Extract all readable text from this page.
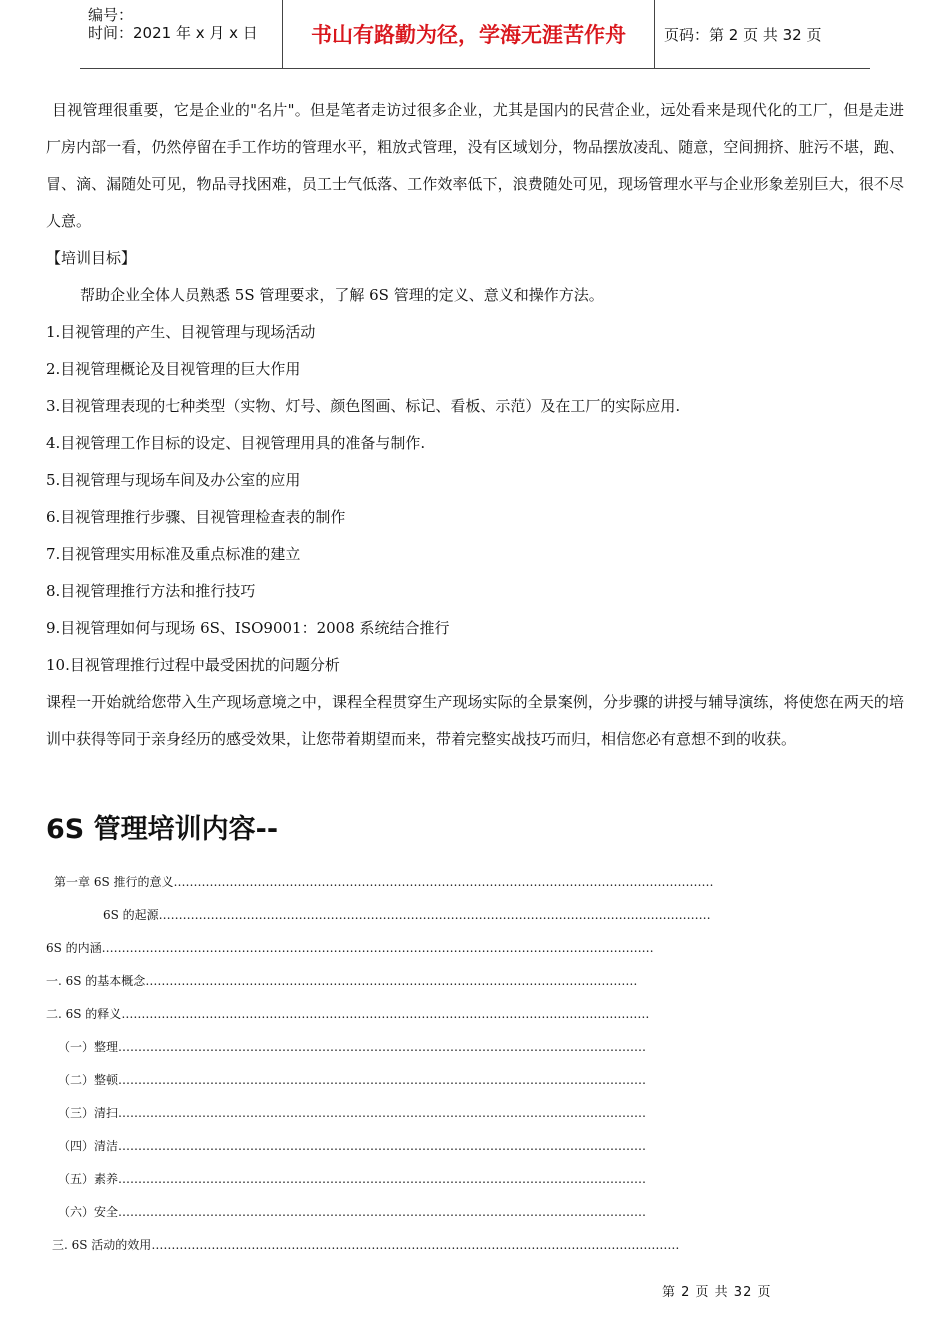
编号：
时间：2021 年 x 月 x 日	书山有路勤为径，学海无涯苦作舟	页码：第 2 页 共 32 页

目视管理很重要，它是企业的"名片"。但是笔者走访过很多企业，尤其是国内的民营企业，远处看来是现代化的工厂，但是走进厂房内部一看，仍然停留在手工作坊的管理水平，粗放式管理，没有区域划分，物品摆放凌乱、随意，空间拥挤、脏污不堪，跑、冒、滴、漏随处可见，物品寻找困难，员工士气低落、工作效率低下，浪费随处可见，现场管理水平与企业形象差别巨大，很不尽人意。

【培训目标】

帮助企业全体人员熟悉 5S 管理要求，了解 6S 管理的定义、意义和操作方法。

1.目视管理的产生、目视管理与现场活动

2.目视管理概论及目视管理的巨大作用

3.目视管理表现的七种类型（实物、灯号、颜色图画、标记、看板、示范）及在工厂的实际应用.

4.目视管理工作目标的设定、目视管理用具的准备与制作.

5.目视管理与现场车间及办公室的应用

6.目视管理推行步骤、目视管理检查表的制作

7.目视管理实用标准及重点标准的建立

8.目视管理推行方法和推行技巧

9.目视管理如何与现场 6S、ISO9001：2008 系统结合推行

10.目视管理推行过程中最受困扰的问题分析

课程一开始就给您带入生产现场意境之中，课程全程贯穿生产现场实际的全景案例，分步骤的讲授与辅导演练，将使您在两天的培训中获得等同于亲身经历的感受效果，让您带着期望而来，带着完整实战技巧而归，相信您必有意想不到的收获。

6S 管理培训内容--
第一章 6S 推行的意义………………………………………………………………………………………………………………………
6S 的起源…………………………………………………………………………………………………………………………
6S 的内涵…………………………………………………………………………………………………………………………
一. 6S 的基本概念……………………………………………………………………………………………………………
二. 6S 的释义……………………………………………………………………………………………………………………
（一）整理……………………………………………………………………………………………………………………
（二）整顿……………………………………………………………………………………………………………………
（三）清扫……………………………………………………………………………………………………………………
（四）清洁……………………………………………………………………………………………………………………
（五）素养……………………………………………………………………………………………………………………
（六）安全……………………………………………………………………………………………………………………
三. 6S 活动的效用……………………………………………………………………………………………………………………
第 2 页 共 32 页
